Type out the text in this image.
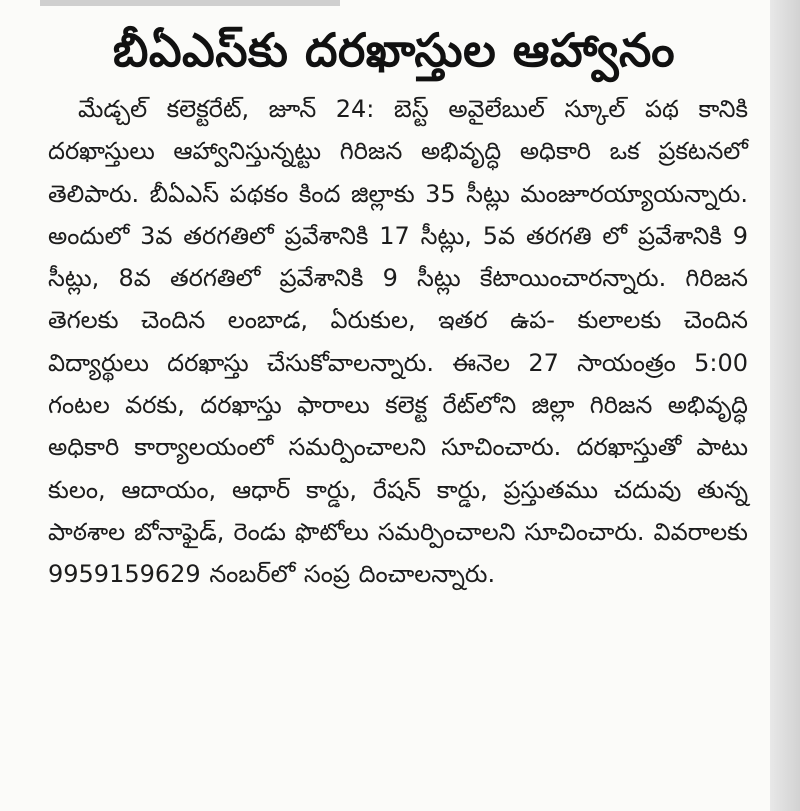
బీఏఎస్‌కు దరఖాస్తుల ఆహ్వానం

మేడ్చల్ కలెక్టరేట్, జూన్ 24: బెస్ట్ అవైలేబుల్ స్కూల్ పథ కానికి దరఖాస్తులు ఆహ్వానిస్తున్నట్టు గిరిజన అభివృద్ధి అధికారి ఒక ప్రకటనలో తెలిపారు. బీఏఎస్ పథకం కింద జిల్లాకు 35 సీట్లు మంజూరయ్యాయన్నారు. అందులో 3వ తరగతిలో ప్రవేశానికి 17 సీట్లు, 5వ తరగతి లో ప్రవేశానికి 9 సీట్లు, 8వ తరగతిలో ప్రవేశానికి 9 సీట్లు కేటాయించారన్నారు. గిరిజన తెగలకు చెందిన లంబాడ, ఏరుకుల, ఇతర ఉప- కులాలకు చెందిన విద్యార్థులు దరఖాస్తు చేసుకోవాలన్నారు. ఈనెల 27 సాయంత్రం 5:00 గంటల వరకు, దరఖాస్తు ఫారాలు కలెక్ట రేట్‌లోని జిల్లా గిరిజన అభివృద్ధి అధికారి కార్యాలయంలో సమర్పించాలని సూచించారు. దరఖాస్తుతో పాటు కులం, ఆదాయం, ఆధార్ కార్డు, రేషన్ కార్డు, ప్రస్తుతము చదువు తున్న పాఠశాల బోనాఫైడ్, రెండు ఫొటోలు సమర్పించాలని సూచించారు. వివరాలకు 9959159629 నంబర్‌లో సంప్ర దించాలన్నారు.
